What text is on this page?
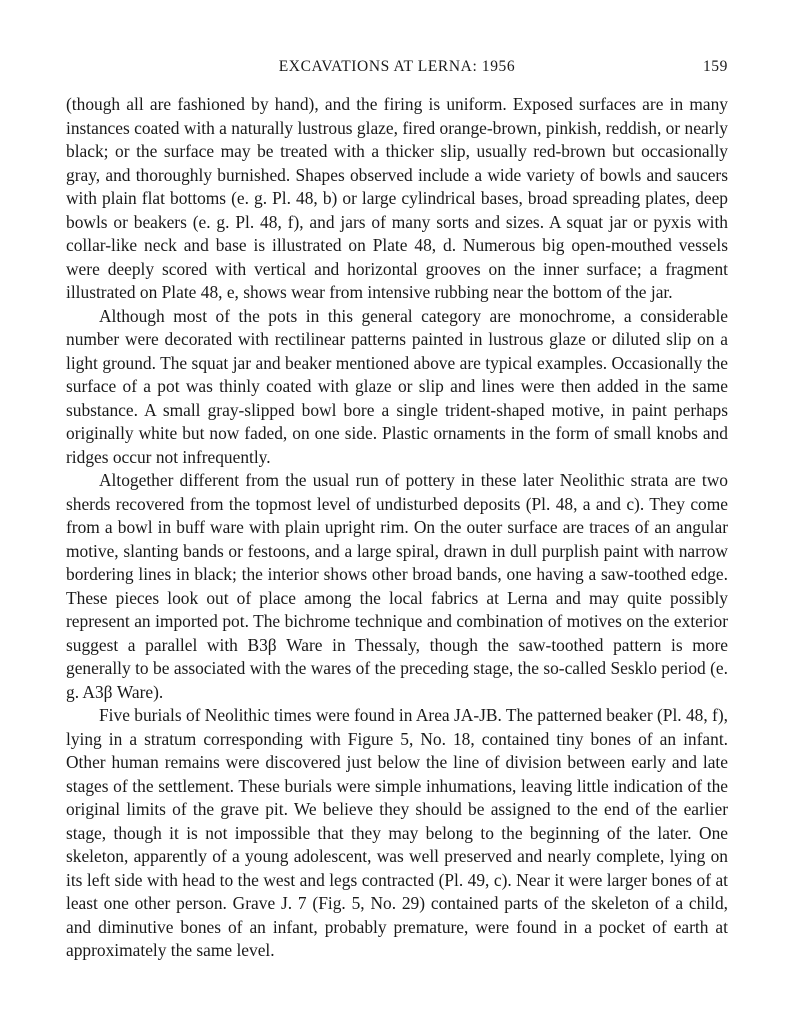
EXCAVATIONS AT LERNA: 1956	159

(though all are fashioned by hand), and the firing is uniform. Exposed surfaces are in many instances coated with a naturally lustrous glaze, fired orange-brown, pinkish, reddish, or nearly black; or the surface may be treated with a thicker slip, usually red-brown but occasionally gray, and thoroughly burnished. Shapes observed include a wide variety of bowls and saucers with plain flat bottoms (e. g. Pl. 48, b) or large cylindrical bases, broad spreading plates, deep bowls or beakers (e. g. Pl. 48, f), and jars of many sorts and sizes. A squat jar or pyxis with collar-like neck and base is illustrated on Plate 48, d. Numerous big open-mouthed vessels were deeply scored with vertical and horizontal grooves on the inner surface; a fragment illustrated on Plate 48, e, shows wear from intensive rubbing near the bottom of the jar.

Although most of the pots in this general category are monochrome, a considerable number were decorated with rectilinear patterns painted in lustrous glaze or diluted slip on a light ground. The squat jar and beaker mentioned above are typical examples. Occasionally the surface of a pot was thinly coated with glaze or slip and lines were then added in the same substance. A small gray-slipped bowl bore a single trident-shaped motive, in paint perhaps originally white but now faded, on one side. Plastic ornaments in the form of small knobs and ridges occur not infrequently.

Altogether different from the usual run of pottery in these later Neolithic strata are two sherds recovered from the topmost level of undisturbed deposits (Pl. 48, a and c). They come from a bowl in buff ware with plain upright rim. On the outer surface are traces of an angular motive, slanting bands or festoons, and a large spiral, drawn in dull purplish paint with narrow bordering lines in black; the interior shows other broad bands, one having a saw-toothed edge. These pieces look out of place among the local fabrics at Lerna and may quite possibly represent an imported pot. The bichrome technique and combination of motives on the exterior suggest a parallel with B3β Ware in Thessaly, though the saw-toothed pattern is more generally to be associated with the wares of the preceding stage, the so-called Sesklo period (e. g. A3β Ware).

Five burials of Neolithic times were found in Area JA-JB. The patterned beaker (Pl. 48, f), lying in a stratum corresponding with Figure 5, No. 18, contained tiny bones of an infant. Other human remains were discovered just below the line of division between early and late stages of the settlement. These burials were simple inhumations, leaving little indication of the original limits of the grave pit. We believe they should be assigned to the end of the earlier stage, though it is not impossible that they may belong to the beginning of the later. One skeleton, apparently of a young adolescent, was well preserved and nearly complete, lying on its left side with head to the west and legs contracted (Pl. 49, c). Near it were larger bones of at least one other person. Grave J. 7 (Fig. 5, No. 29) contained parts of the skeleton of a child, and diminutive bones of an infant, probably premature, were found in a pocket of earth at approximately the same level.
